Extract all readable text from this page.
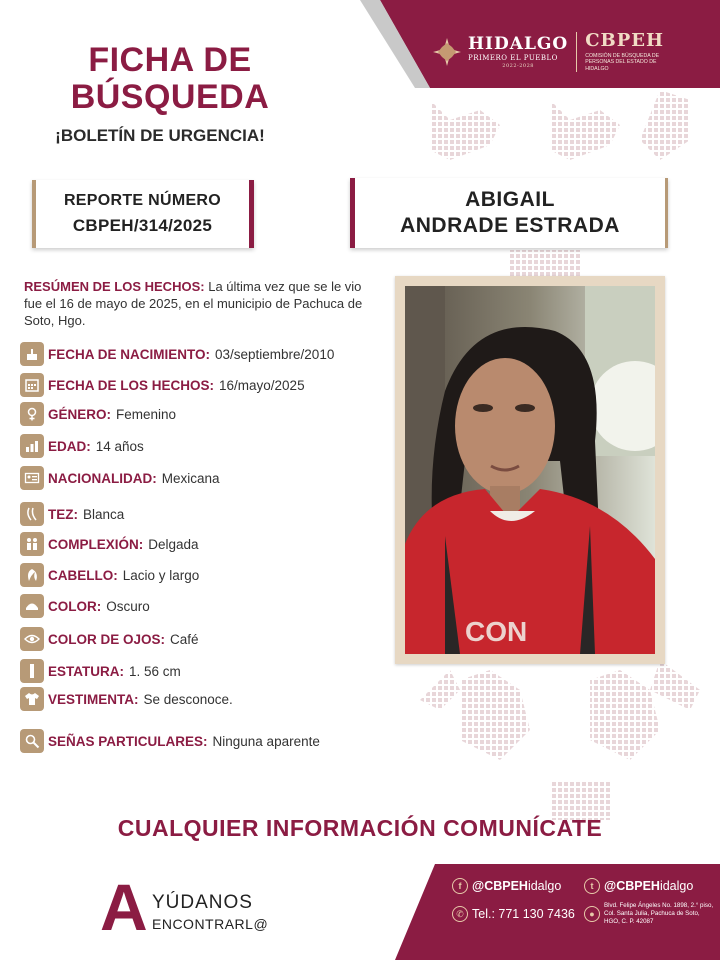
HIDALGO
PRIMERO EL PUEBLO
2022-2028
CBPEH
COMISIÓN DE BÚSQUEDA DE PERSONAS DEL ESTADO DE HIDALGO
FICHA DE
BÚSQUEDA
¡BOLETÍN DE URGENCIA!
REPORTE NÚMERO
CBPEH/314/2025
ABIGAIL
ANDRADE ESTRADA
RESÚMEN DE LOS HECHOS: La última vez que se le vio fue el 16 de mayo de 2025, en el municipio de Pachuca de Soto, Hgo.
FECHA DE NACIMIENTO: 03/septiembre/2010
FECHA DE LOS HECHOS: 16/mayo/2025
GÉNERO: Femenino
EDAD: 14 años
NACIONALIDAD: Mexicana
TEZ: Blanca
COMPLEXIÓN: Delgada
CABELLO: Lacio y largo
COLOR: Oscuro
COLOR DE OJOS: Café
ESTATURA: 1. 56 cm
VESTIMENTA: Se desconoce.
SEÑAS PARTICULARES: Ninguna aparente
CON
CUALQUIER INFORMACIÓN COMUNÍCATE
A YÚDANOS
ENCONTRARL@
f @CBPEH idalgo	t @CBPEH idalgo
✆ Tel.: 771 130 7436	●
Blvd. Felipe Ángeles No. 1898, 2.° piso, Col. Santa Julia, Pachuca de Soto, HGO, C. P. 42087
